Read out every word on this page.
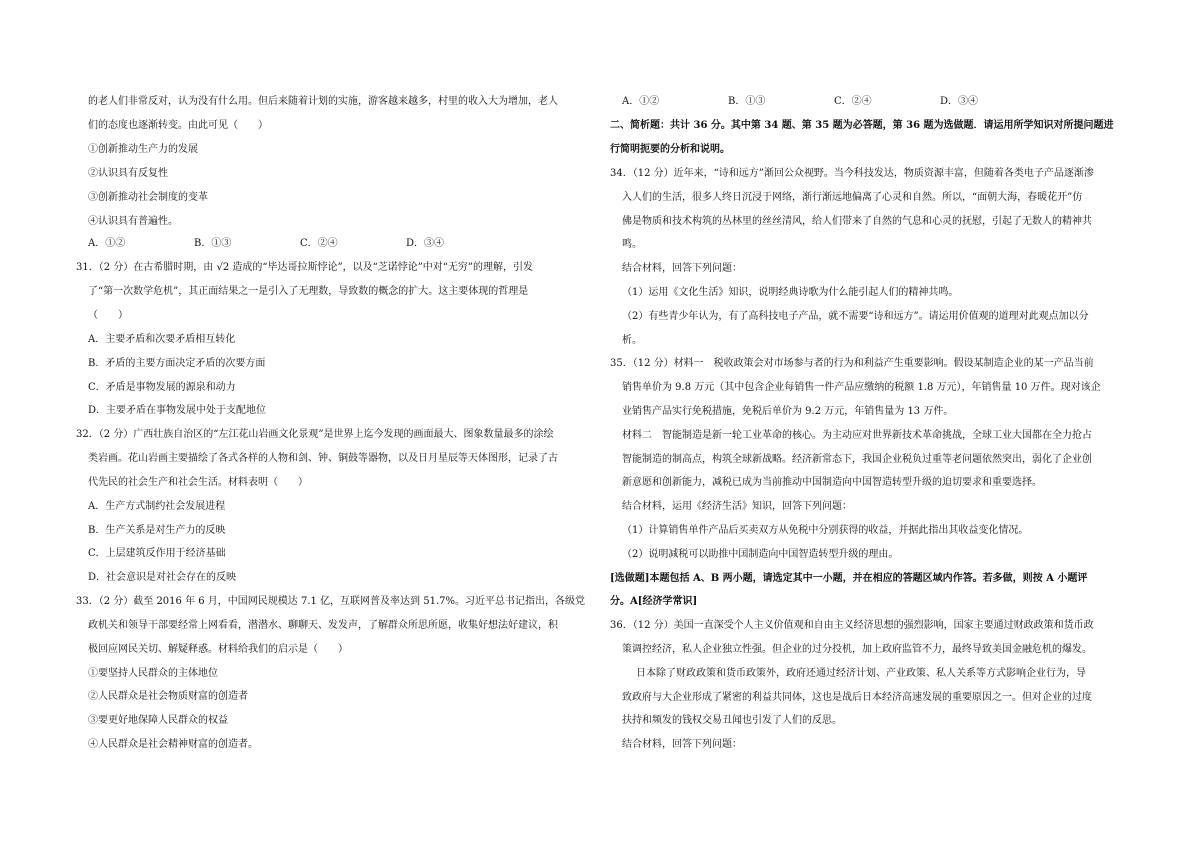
的老人们非常反对，认为没有什么用。但后来随着计划的实施，游客越来越多，村里的收入大为增加，老人
们的态度也逐渐转变。由此可见（　　）
①创新推动生产力的发展
②认识具有反复性
③创新推动社会制度的变革
④认识具有普遍性。
A．①②	B．①③	C．②④	D．③④
31．（2 分）在古希腊时期，由 √2 造成的“毕达哥拉斯悖论”，以及“芝诺悖论”中对“无穷”的理解，引发
了“第一次数学危机”，其正面结果之一是引入了无理数，导致数的概念的扩大。这主要体现的哲理是
（　　）
A．主要矛盾和次要矛盾相互转化
B．矛盾的主要方面决定矛盾的次要方面
C．矛盾是事物发展的源泉和动力
D．主要矛盾在事物发展中处于支配地位
32．（2 分）广西壮族自治区的“左江花山岩画文化景观”是世界上迄今发现的画面最大、图象数量最多的涂绘
类岩画。花山岩画主要描绘了各式各样的人物和剑、钟、铜鼓等器物，以及日月星辰等天体图形，记录了古
代先民的社会生产和社会生活。材料表明（　　）
A．生产方式制约社会发展进程
B．生产关系是对生产力的反映
C．上层建筑反作用于经济基础
D．社会意识是对社会存在的反映
33．（2 分）截至 2016 年 6 月，中国网民规模达 7.1 亿，互联网普及率达到 51.7%。习近平总书记指出，各级党
政机关和领导干部要经常上网看看，潜潜水、聊聊天、发发声，了解群众所思所愿，收集好想法好建议，积
极回应网民关切、解疑释惑。材料给我们的启示是（　　）
①要坚持人民群众的主体地位
②人民群众是社会物质财富的创造者
③要更好地保障人民群众的权益
④人民群众是社会精神财富的创造者。
A．①②	B．①③	C．②④	D．③④
二、简析题：共计 36 分。其中第 34 题、第 35 题为必答题，第 36 题为选做题．请运用所学知识对所提问题进
行简明扼要的分析和说明。
34．（12 分）近年来，“诗和远方”渐回公众视野。当今科技发达，物质资源丰富，但随着各类电子产品逐渐渗
入人们的生活，很多人终日沉浸于网络，渐行渐远地偏离了心灵和自然。所以，“面朝大海，春暖花开”仿
佛是物质和技术构筑的丛林里的丝丝清风，给人们带来了自然的气息和心灵的抚慰，引起了无数人的精神共
鸣。
结合材料，回答下列问题：
（1）运用《文化生活》知识，说明经典诗歌为什么能引起人们的精神共鸣。
（2）有些青少年认为，有了高科技电子产品，就不需要“诗和远方”。请运用价值观的道理对此观点加以分
析。
35．（12 分）材料一　税收政策会对市场参与者的行为和利益产生重要影响。假设某制造企业的某一产品当前
销售单价为 9.8 万元（其中包含企业每销售一件产品应缴纳的税额 1.8 万元），年销售量 10 万件。现对该企
业销售产品实行免税措施，免税后单价为 9.2 万元，年销售量为 13 万件。
材料二　智能制造是新一轮工业革命的核心。为主动应对世界新技术革命挑战，全球工业大国都在全力抢占
智能制造的制高点，构筑全球新战略。经济新常态下，我国企业税负过重等老问题依然突出，弱化了企业创
新意愿和创新能力，减税已成为当前推动中国制造向中国智造转型升级的迫切要求和重要选择。
结合材料，运用《经济生活》知识，回答下列问题：
（1）计算销售单件产品后买卖双方从免税中分别获得的收益，并据此指出其收益变化情况。
（2）说明减税可以助推中国制造向中国智造转型升级的理由。
[选做题]本题包括 A、B 两小题，请选定其中一小题，并在相应的答题区域内作答。若多做，则按 A 小题评
分。A[经济学常识]
36．（12 分）美国一直深受个人主义价值观和自由主义经济思想的强烈影响，国家主要通过财政政策和货币政
策调控经济，私人企业独立性强。但企业的过分投机，加上政府监管不力，最终导致美国金融危机的爆发。
日本除了财政政策和货币政策外，政府还通过经济计划、产业政策、私人关系等方式影响企业行为，导
致政府与大企业形成了紧密的利益共同体，这也是战后日本经济高速发展的重要原因之一。但对企业的过度
扶持和频发的钱权交易丑闻也引发了人们的反思。
结合材料，回答下列问题：
